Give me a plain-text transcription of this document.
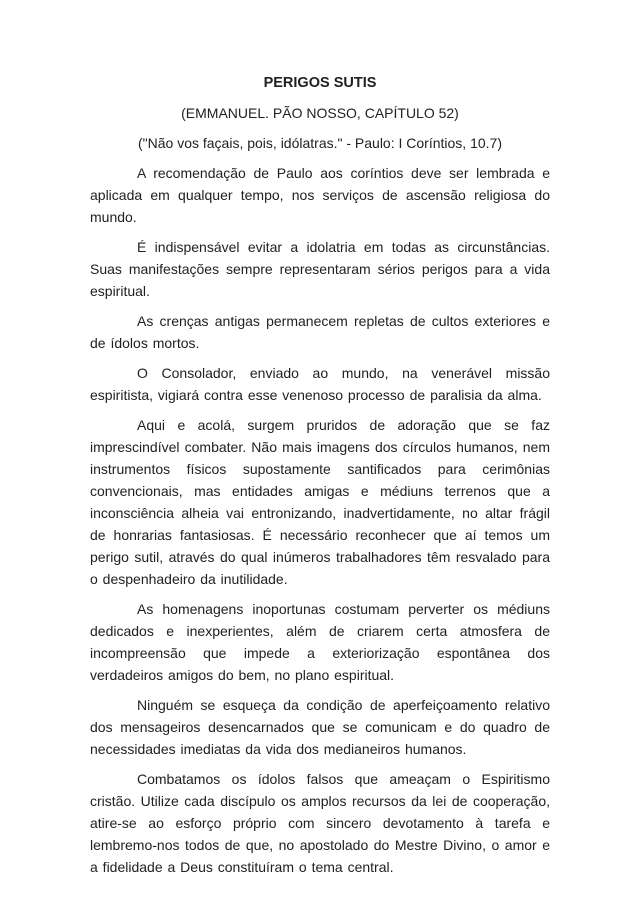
PERIGOS SUTIS

(EMMANUEL. PÃO NOSSO, CAPÍTULO 52)

("Não vos façais, pois, idólatras." - Paulo: I Coríntios, 10.7)

A recomendação de Paulo aos coríntios deve ser lembrada e aplicada em qualquer tempo, nos serviços de ascensão religiosa do mundo.

É indispensável evitar a idolatria em todas as circunstâncias. Suas manifestações sempre representaram sérios perigos para a vida espiritual.

As crenças antigas permanecem repletas de cultos exteriores e de ídolos mortos.

O Consolador, enviado ao mundo, na venerável missão espiritista, vigiará contra esse venenoso processo de paralisia da alma.

Aqui e acolá, surgem pruridos de adoração que se faz imprescindível combater. Não mais imagens dos círculos humanos, nem instrumentos físicos supostamente santificados para cerimônias convencionais, mas entidades amigas e médiuns terrenos que a inconsciência alheia vai entronizando, inadvertidamente, no altar frágil de honrarias fantasiosas. É necessário reconhecer que aí temos um perigo sutil, através do qual inúmeros trabalhadores têm resvalado para o despenhadeiro da inutilidade.

As homenagens inoportunas costumam perverter os médiuns dedicados e inexperientes, além de criarem certa atmosfera de incompreensão que impede a exteriorização espontânea dos verdadeiros amigos do bem, no plano espiritual.

Ninguém se esqueça da condição de aperfeiçoamento relativo dos mensageiros desencarnados que se comunicam e do quadro de necessidades imediatas da vida dos medianeiros humanos.

Combatamos os ídolos falsos que ameaçam o Espiritismo cristão. Utilize cada discípulo os amplos recursos da lei de cooperação, atire-se ao esforço próprio com sincero devotamento à tarefa e lembremo-nos todos de que, no apostolado do Mestre Divino, o amor e a fidelidade a Deus constituíram o tema central.
